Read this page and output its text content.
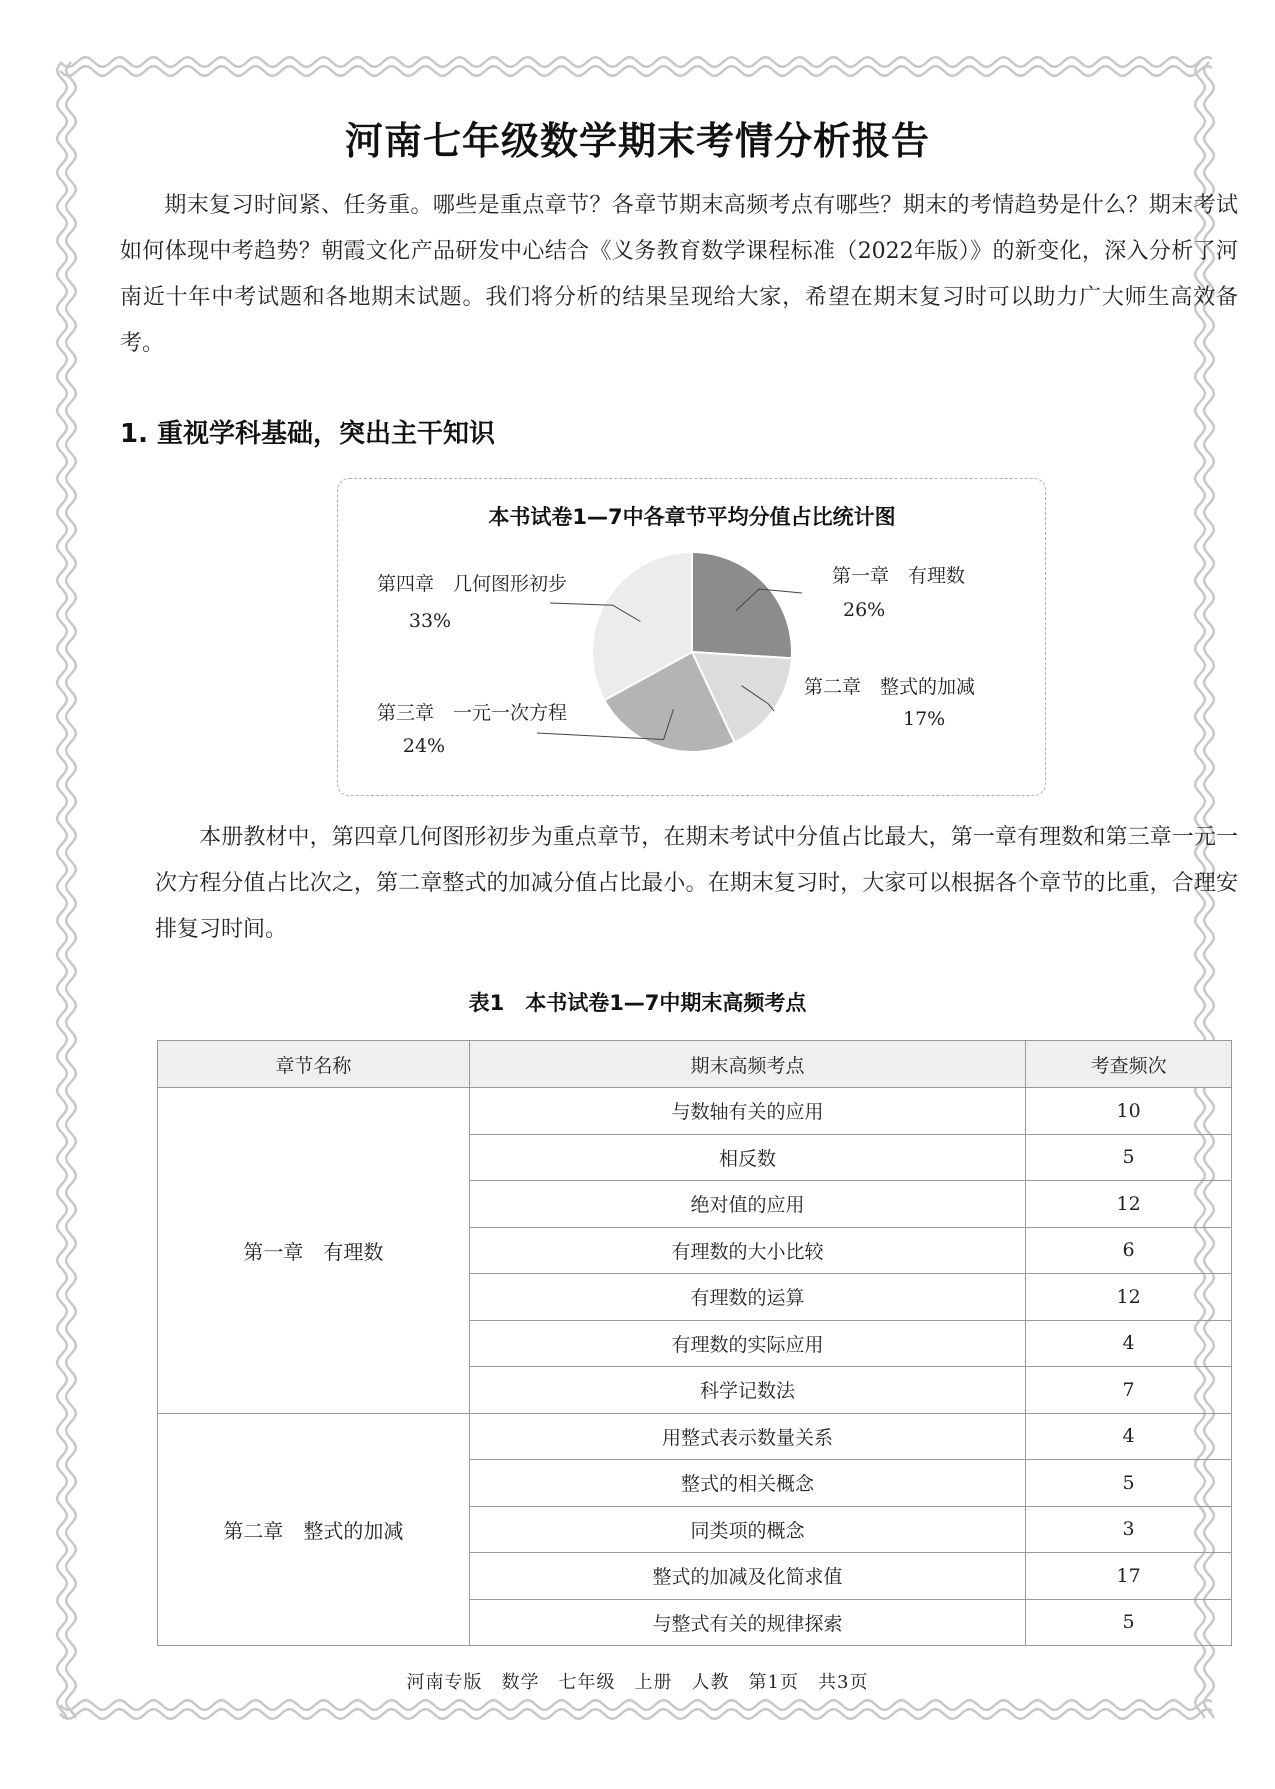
河南七年级数学期末考情分析报告
期末复习时间紧、任务重。哪些是重点章节？各章节期末高频考点有哪些？期末的考情趋势是什么？期末考试如何体现中考趋势？朝霞文化产品研发中心结合《义务教育数学课程标准（2022年版）》的新变化，深入分析了河南近十年中考试题和各地期末试题。我们将分析的结果呈现给大家，希望在期末复习时可以助力广大师生高效备考。
1. 重视学科基础，突出主干知识
本书试卷1—7中各章节平均分值占比统计图
第一章　有理数
26%
第二章　整式的加减
17%
第三章　一元一次方程
24%
第四章　几何图形初步
33%
本册教材中，第四章几何图形初步为重点章节，在期末考试中分值占比最大，第一章有理数和第三章一元一次方程分值占比次之，第二章整式的加减分值占比最小。在期末复习时，大家可以根据各个章节的比重，合理安排复习时间。
表1　本书试卷1—7中期末高频考点
章节名称	期末高频考点	考查频次
第一章　有理数	与数轴有关的应用	10
	相反数	5
	绝对值的应用	12
	有理数的大小比较	6
	有理数的运算	12
	有理数的实际应用	4
	科学记数法	7
第二章　整式的加减	用整式表示数量关系	4
	整式的相关概念	5
	同类项的概念	3
	整式的加减及化简求值	17
	与整式有关的规律探索	5
河南专版　数学　七年级　上册　人教　第1页　共3页
